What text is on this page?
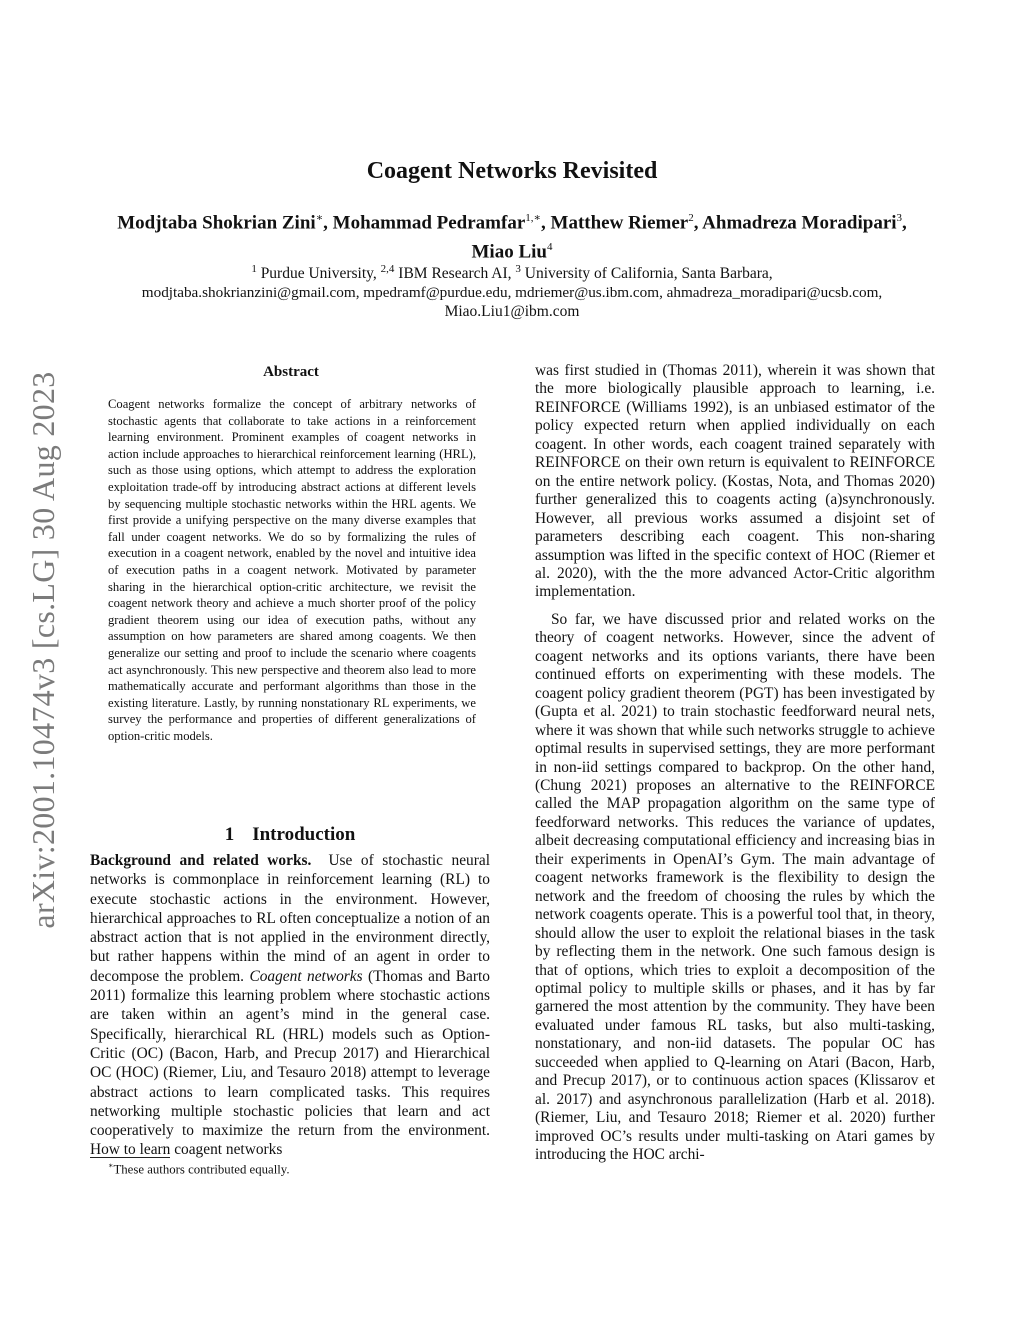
arXiv:2001.10474v3 [cs.LG] 30 Aug 2023
Coagent Networks Revisited
Modjtaba Shokrian Zini∗, Mohammad Pedramfar$^{1,∗}$, Matthew Riemer$^2$, Ahmadreza Moradipari$^3$,
Miao Liu$^4$
$^1$ Purdue University, $^{2,4}$ IBM Research AI, $^3$ University of California, Santa Barbara,
modjtaba.shokrianzini@gmail.com, mpedramf@purdue.edu, mdriemer@us.ibm.com, ahmadreza_moradipari@ucsb.com,
Miao.Liu1@ibm.com
Abstract
Coagent networks formalize the concept of arbitrary networks of stochastic agents that collaborate to take actions in a reinforcement learning environment. Prominent examples of coagent networks in action include approaches to hierarchical reinforcement learning (HRL), such as those using options, which attempt to address the exploration exploitation trade-off by introducing abstract actions at different levels by sequencing multiple stochastic networks within the HRL agents. We first provide a unifying perspective on the many diverse examples that fall under coagent networks. We do so by formalizing the rules of execution in a coagent network, enabled by the novel and intuitive idea of execution paths in a coagent network. Motivated by parameter sharing in the hierarchical option-critic architecture, we revisit the coagent network theory and achieve a much shorter proof of the policy gradient theorem using our idea of execution paths, without any assumption on how parameters are shared among coagents. We then generalize our setting and proof to include the scenario where coagents act asynchronously. This new perspective and theorem also lead to more mathematically accurate and performant algorithms than those in the existing literature. Lastly, by running nonstationary RL experiments, we survey the performance and properties of different generalizations of option-critic models.
1 Introduction

Background and related works. Use of stochastic neural networks is commonplace in reinforcement learning (RL) to execute stochastic actions in the environment. However, hierarchical approaches to RL often conceptualize a notion of an abstract action that is not applied in the environment directly, but rather happens within the mind of an agent in order to decompose the problem. Coagent networks (Thomas and Barto 2011) formalize this learning problem where stochastic actions are taken within an agent’s mind in the general case. Specifically, hierarchical RL (HRL) models such as Option-Critic (OC) (Bacon, Harb, and Precup 2017) and Hierarchical OC (HOC) (Riemer, Liu, and Tesauro 2018) attempt to leverage abstract actions to learn complicated tasks. This requires networking multiple stochastic policies that learn and act cooperatively to maximize the return from the environment. How to learn coagent networks

∗These authors contributed equally.

was first studied in (Thomas 2011), wherein it was shown that the more biologically plausible approach to learning, i.e. REINFORCE (Williams 1992), is an unbiased estimator of the policy expected return when applied individually on each coagent. In other words, each coagent trained separately with REINFORCE on their own return is equivalent to REINFORCE on the entire network policy. (Kostas, Nota, and Thomas 2020) further generalized this to coagents acting (a)synchronously. However, all previous works assumed a disjoint set of parameters describing each coagent. This non-sharing assumption was lifted in the specific context of HOC (Riemer et al. 2020), with the the more advanced Actor-Critic algorithm implementation.

So far, we have discussed prior and related works on the theory of coagent networks. However, since the advent of coagent networks and its options variants, there have been continued efforts on experimenting with these models. The coagent policy gradient theorem (PGT) has been investigated by (Gupta et al. 2021) to train stochastic feedforward neural nets, where it was shown that while such networks struggle to achieve optimal results in supervised settings, they are more performant in non-iid settings compared to backprop. On the other hand, (Chung 2021) proposes an alternative to the REINFORCE called the MAP propagation algorithm on the same type of feedforward networks. This reduces the variance of updates, albeit decreasing computational efficiency and increasing bias in their experiments in OpenAI’s Gym. The main advantage of coagent networks framework is the flexibility to design the network and the freedom of choosing the rules by which the network coagents operate. This is a powerful tool that, in theory, should allow the user to exploit the relational biases in the task by reflecting them in the network. One such famous design is that of options, which tries to exploit a decomposition of the optimal policy to multiple skills or phases, and it has by far garnered the most attention by the community. They have been evaluated under famous RL tasks, but also multi-tasking, nonstationary, and non-iid datasets. The popular OC has succeeded when applied to Q-learning on Atari (Bacon, Harb, and Precup 2017), or to continuous action spaces (Klissarov et al. 2017) and asynchronous parallelization (Harb et al. 2018). (Riemer, Liu, and Tesauro 2018; Riemer et al. 2020) further improved OC’s results under multi-tasking on Atari games by introducing the HOC archi-
